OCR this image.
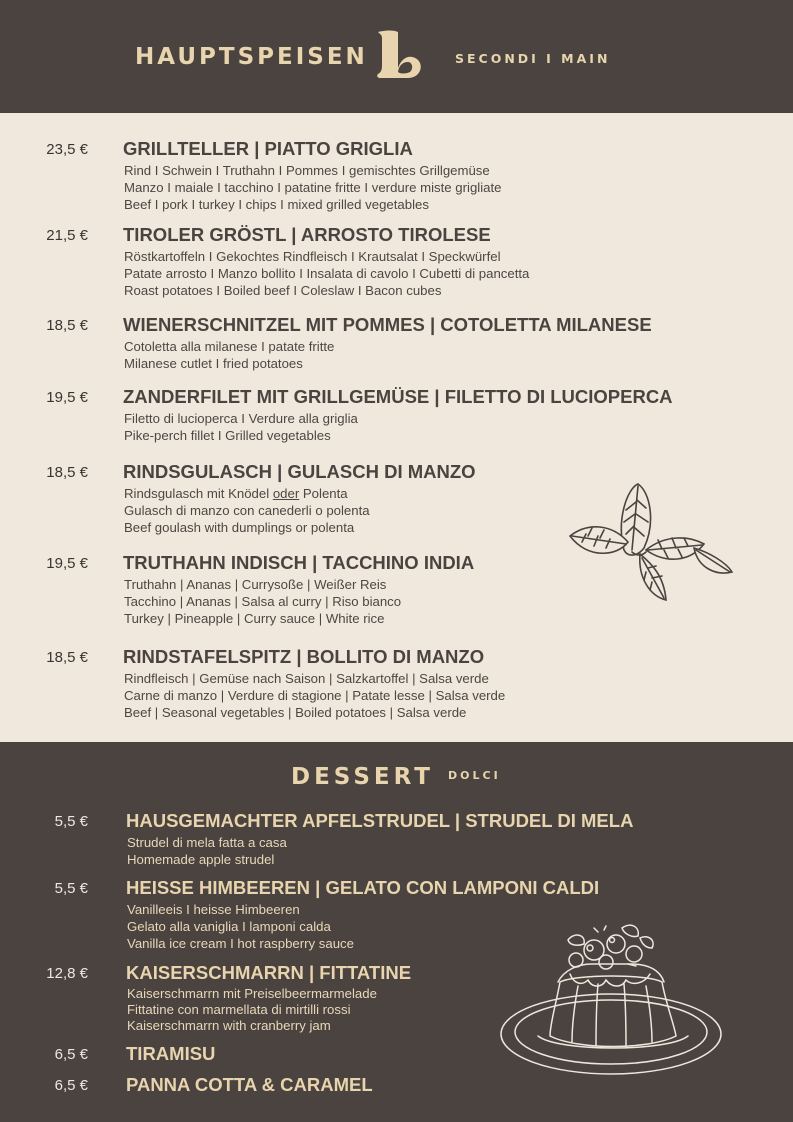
HAUPTSPEISEN	SECONDI I MAIN
23,5 € GRILLTELLER | PIATTO GRIGLIA
Rind I Schwein I Truthahn I Pommes I gemischtes Grillgemüse
Manzo I maiale I tacchino I patatine fritte I verdure miste grigliate
Beef I pork I turkey I chips I mixed grilled vegetables
21,5 € TIROLER GRÖSTL | ARROSTO TIROLESE
Röstkartoffeln I Gekochtes Rindfleisch I Krautsalat I Speckwürfel
Patate arrosto I Manzo bollito I Insalata di cavolo I Cubetti di pancetta
Roast potatoes I Boiled beef I Coleslaw I Bacon cubes
18,5 € WIENERSCHNITZEL MIT POMMES | COTOLETTA MILANESE
Cotoletta alla milanese I patate fritte
Milanese cutlet I fried potatoes
19,5 € ZANDERFILET MIT GRILLGEMÜSE | FILETTO DI LUCIOPERCA
Filetto di lucioperca I Verdure alla griglia
Pike-perch fillet I Grilled vegetables
18,5 € RINDSGULASCH | GULASCH DI MANZO
Rindsgulasch mit Knödel oder Polenta
Gulasch di manzo con canederli o polenta
Beef goulash with dumplings or polenta
19,5 € TRUTHAHN INDISCH | TACCHINO INDIA
Truthahn | Ananas | Currysoße | Weißer Reis
Tacchino | Ananas | Salsa al curry | Riso bianco
Turkey | Pineapple | Curry sauce | White rice
18,5 € RINDSTAFELSPITZ | BOLLITO DI MANZO
Rindfleisch | Gemüse nach Saison | Salzkartoffel | Salsa verde
Carne di manzo | Verdure di stagione | Patate lesse | Salsa verde
Beef | Seasonal vegetables | Boiled potatoes | Salsa verde
DESSERT DOLCI
5,5 € HAUSGEMACHTER APFELSTRUDEL | STRUDEL DI MELA
Strudel di mela fatta a casa
Homemade apple strudel
5,5 € HEISSE HIMBEEREN | GELATO CON LAMPONI CALDI
Vanilleeis I heisse Himbeeren
Gelato alla vaniglia I lamponi calda
Vanilla ice cream I hot raspberry sauce
12,8 € KAISERSCHMARRN | FITTATINE
Kaiserschmarrn mit Preiselbeermarmelade
Fittatine con marmellata di mirtilli rossi
Kaiserschmarrn with cranberry jam
6,5 € TIRAMISU
6,5 € PANNA COTTA & CARAMEL
